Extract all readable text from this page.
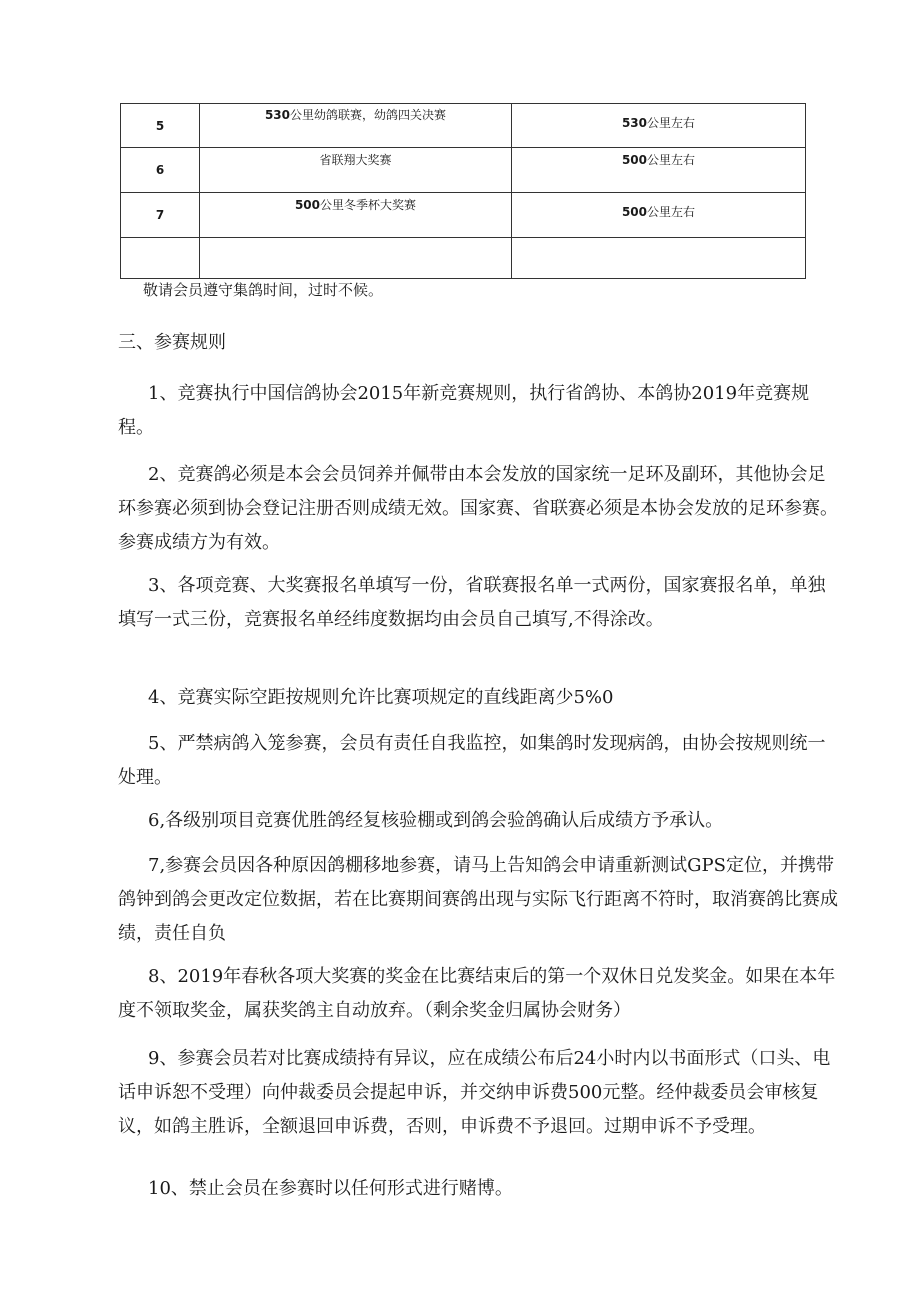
5	530公里幼鸽联赛，幼鸽四关决赛	530公里左右

6	省联翔大奖赛	500公里左右

7	500公里冬季杯大奖赛	500公里左右

敬请会员遵守集鸽时间，过时不候。
三、参赛规则

1、竞赛执行中国信鸽协会2015年新竞赛规则，执行省鸽协、本鸽协2019年竞赛规程。

2、竞赛鸽必须是本会会员饲养并佩带由本会发放的国家统一足环及副环，其他协会足环参赛必须到协会登记注册否则成绩无效。国家赛、省联赛必须是本协会发放的足环参赛。参赛成绩方为有效。

3、各项竞赛、大奖赛报名单填写一份，省联赛报名单一式两份，国家赛报名单，单独填写一式三份，竞赛报名单经纬度数据均由会员自己填写,不得涂改。

4、竞赛实际空距按规则允许比赛项规定的直线距离少5%0

5、严禁病鸽入笼参赛，会员有责任自我监控，如集鸽时发现病鸽，由协会按规则统一处理。

6,各级别项目竞赛优胜鸽经复核验棚或到鸽会验鸽确认后成绩方予承认。

7,参赛会员因各种原因鸽棚移地参赛，请马上告知鸽会申请重新测试GPS定位，并携带鸽钟到鸽会更改定位数据，若在比赛期间赛鸽出现与实际飞行距离不符时，取消赛鸽比赛成绩，责任自负

8、2019年春秋各项大奖赛的奖金在比赛结束后的第一个双休日兑发奖金。如果在本年度不领取奖金，属获奖鸽主自动放弃。（剩余奖金归属协会财务）

9、参赛会员若对比赛成绩持有异议，应在成绩公布后24小时内以书面形式（口头、电话申诉恕不受理）向仲裁委员会提起申诉，并交纳申诉费500元整。经仲裁委员会审核复议，如鸽主胜诉，全额退回申诉费，否则，申诉费不予退回。过期申诉不予受理。

10、禁止会员在参赛时以任何形式进行赌博。
